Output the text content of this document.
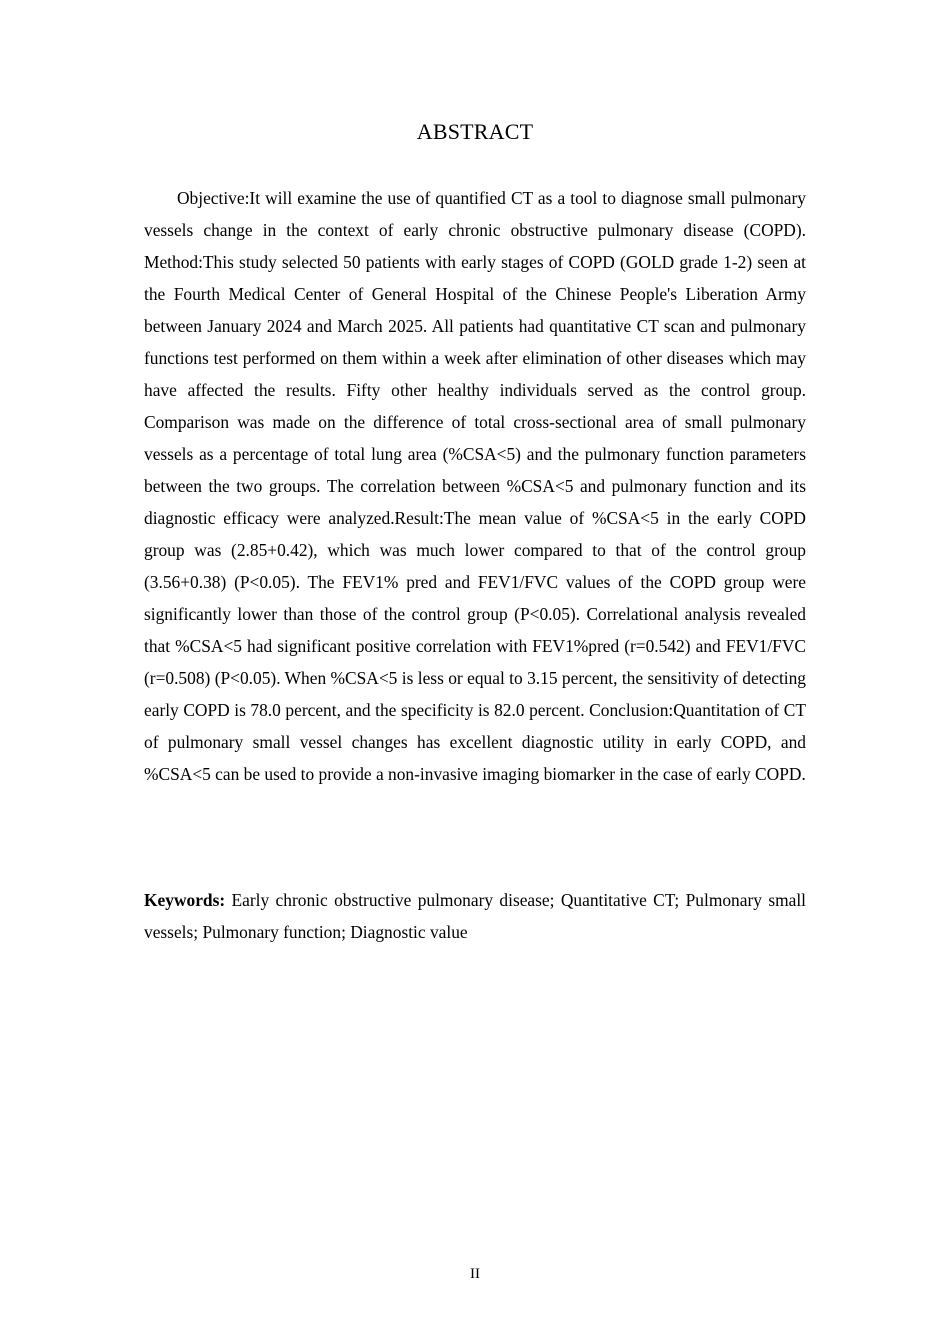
ABSTRACT

Objective:It will examine the use of quantified CT as a tool to diagnose small pulmonary vessels change in the context of early chronic obstructive pulmonary disease (COPD). Method:This study selected 50 patients with early stages of COPD (GOLD grade 1-2) seen at the Fourth Medical Center of General Hospital of the Chinese People's Liberation Army between January 2024 and March 2025. All patients had quantitative CT scan and pulmonary functions test performed on them within a week after elimination of other diseases which may have affected the results. Fifty other healthy individuals served as the control group. Comparison was made on the difference of total cross-sectional area of small pulmonary vessels as a percentage of total lung area (%CSA<5) and the pulmonary function parameters between the two groups. The correlation between %CSA<5 and pulmonary function and its diagnostic efficacy were analyzed.Result:The mean value of %CSA<5 in the early COPD group was (2.85+0.42), which was much lower compared to that of the control group (3.56+0.38) (P<0.05). The FEV1% pred and FEV1/FVC values of the COPD group were significantly lower than those of the control group (P<0.05). Correlational analysis revealed that %CSA<5 had significant positive correlation with FEV1%pred (r=0.542) and FEV1/FVC (r=0.508) (P<0.05). When %CSA<5 is less or equal to 3.15 percent, the sensitivity of detecting early COPD is 78.0 percent, and the specificity is 82.0 percent. Conclusion:Quantitation of CT of pulmonary small vessel changes has excellent diagnostic utility in early COPD, and %CSA<5 can be used to provide a non-invasive imaging biomarker in the case of early COPD.

Keywords: Early chronic obstructive pulmonary disease; Quantitative CT; Pulmonary small vessels; Pulmonary function; Diagnostic value

II
